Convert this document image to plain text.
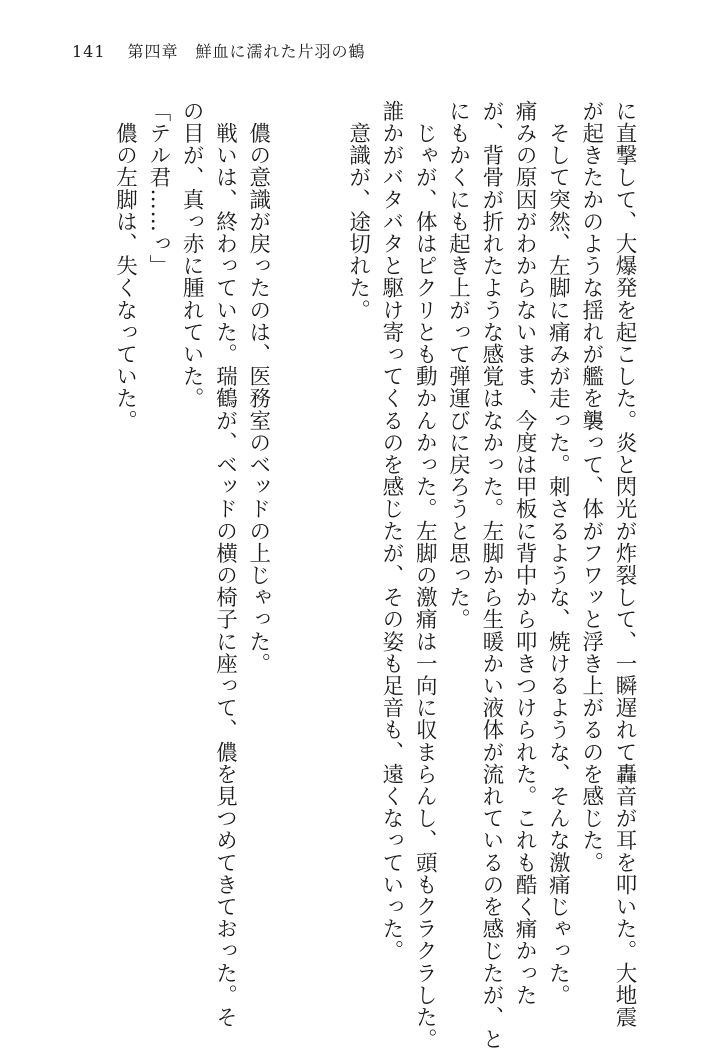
141 第四章　鮮血に濡れた片羽の鶴
に直撃して、大爆発を起こした。炎と閃光が炸裂して、一瞬遅れて轟音が耳を叩いた。大地震
が起きたかのような揺れが艦を襲って、体がフワッと浮き上がるのを感じた。
　そして突然、左脚に痛みが走った。刺さるような、焼けるような、そんな激痛じゃった。
痛みの原因がわからないまま、今度は甲板に背中から叩きつけられた。これも酷く痛かった
が、背骨が折れたような感覚はなかった。左脚から生暖かい液体が流れているのを感じたが、と
にもかくにも起き上がって弾運びに戻ろうと思った。
　じゃが、体はピクリとも動かんかった。左脚の激痛は一向に収まらんし、頭もクラクラした。
誰かがバタバタと駆け寄ってくるのを感じたが、その姿も足音も、遠くなっていった。
　意識が、途切れた。
　儂の意識が戻ったのは、医務室のベッドの上じゃった。
　戦いは、終わっていた。瑞鶴が、ベッドの横の椅子に座って、儂を見つめてきておった。そ
の目が、真っ赤に腫れていた。
「テル君……っ」
　儂の左脚は、失くなっていた。
